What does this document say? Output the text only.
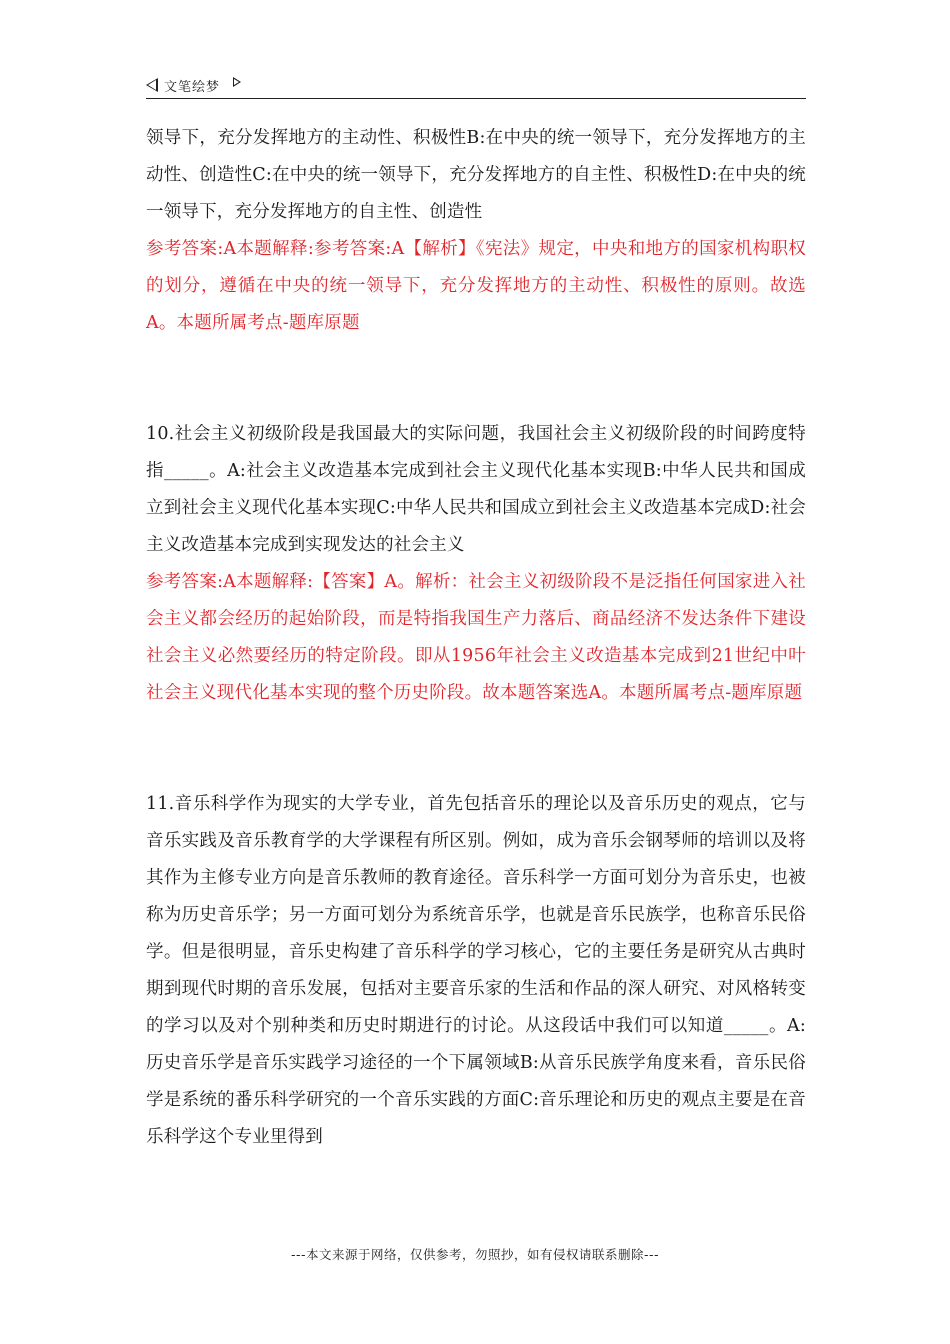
文笔绘梦

领导下，充分发挥地方的主动性、积极性B:在中央的统一领导下，充分发挥地方的主动性、创造性C:在中央的统一领导下，充分发挥地方的自主性、积极性D:在中央的统一领导下，充分发挥地方的自主性、创造性

参考答案:A本题解释:参考答案:A【解析】《宪法》规定，中央和地方的国家机构职权的划分，遵循在中央的统一领导下，充分发挥地方的主动性、积极性的原则。故选A。本题所属考点-题库原题

10.社会主义初级阶段是我国最大的实际问题，我国社会主义初级阶段的时间跨度特指_____。A:社会主义改造基本完成到社会主义现代化基本实现B:中华人民共和国成立到社会主义现代化基本实现C:中华人民共和国成立到社会主义改造基本完成D:社会主义改造基本完成到实现发达的社会主义

参考答案:A本题解释:【答案】A。解析：社会主义初级阶段不是泛指任何国家进入社会主义都会经历的起始阶段，而是特指我国生产力落后、商品经济不发达条件下建设社会主义必然要经历的特定阶段。即从1956年社会主义改造基本完成到21世纪中叶社会主义现代化基本实现的整个历史阶段。故本题答案选A。本题所属考点-题库原题

11.音乐科学作为现实的大学专业，首先包括音乐的理论以及音乐历史的观点，它与音乐实践及音乐教育学的大学课程有所区别。例如，成为音乐会钢琴师的培训以及将其作为主修专业方向是音乐教师的教育途径。音乐科学一方面可划分为音乐史，也被称为历史音乐学；另一方面可划分为系统音乐学，也就是音乐民族学，也称音乐民俗学。但是很明显，音乐史构建了音乐科学的学习核心，它的主要任务是研究从古典时期到现代时期的音乐发展，包括对主要音乐家的生活和作品的深人研究、对风格转变的学习以及对个别种类和历史时期进行的讨论。从这段话中我们可以知道_____。A:历史音乐学是音乐实践学习途径的一个下属领域B:从音乐民族学角度来看，音乐民俗学是系统的番乐科学研究的一个音乐实践的方面C:音乐理论和历史的观点主要是在音乐科学这个专业里得到

---本文来源于网络，仅供参考，勿照抄，如有侵权请联系删除---
